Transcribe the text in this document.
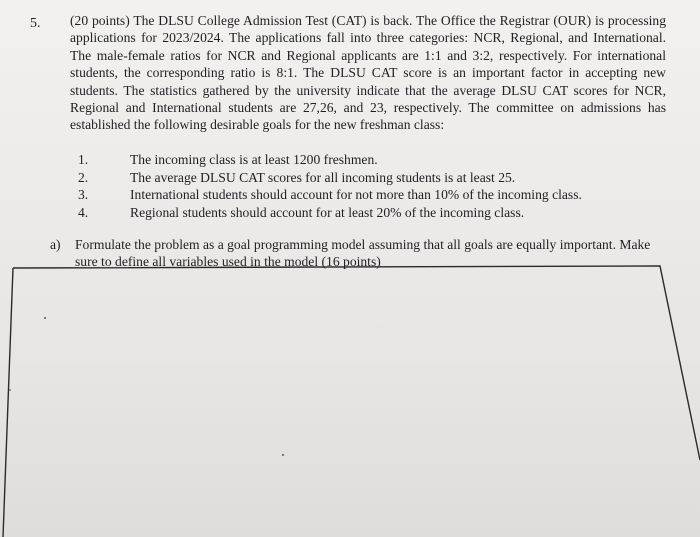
5. (20 points) The DLSU College Admission Test (CAT) is back. The Office the Registrar (OUR) is processing applications for 2023/2024. The applications fall into three categories: NCR, Regional, and International. The male-female ratios for NCR and Regional applicants are 1:1 and 3:2, respectively. For international students, the corresponding ratio is 8:1. The DLSU CAT score is an important factor in accepting new students. The statistics gathered by the university indicate that the average DLSU CAT scores for NCR, Regional and International students are 27,26, and 23, respectively. The committee on admissions has established the following desirable goals for the new freshman class:

1.	The incoming class is at least 1200 freshmen.
2.	The average DLSU CAT scores for all incoming students is at least 25.
3.	International students should account for not more than 10% of the incoming class.
4.	Regional students should account for at least 20% of the incoming class.
a) Formulate the problem as a goal programming model assuming that all goals are equally important. Make sure to define all variables used in the model (16 points)
